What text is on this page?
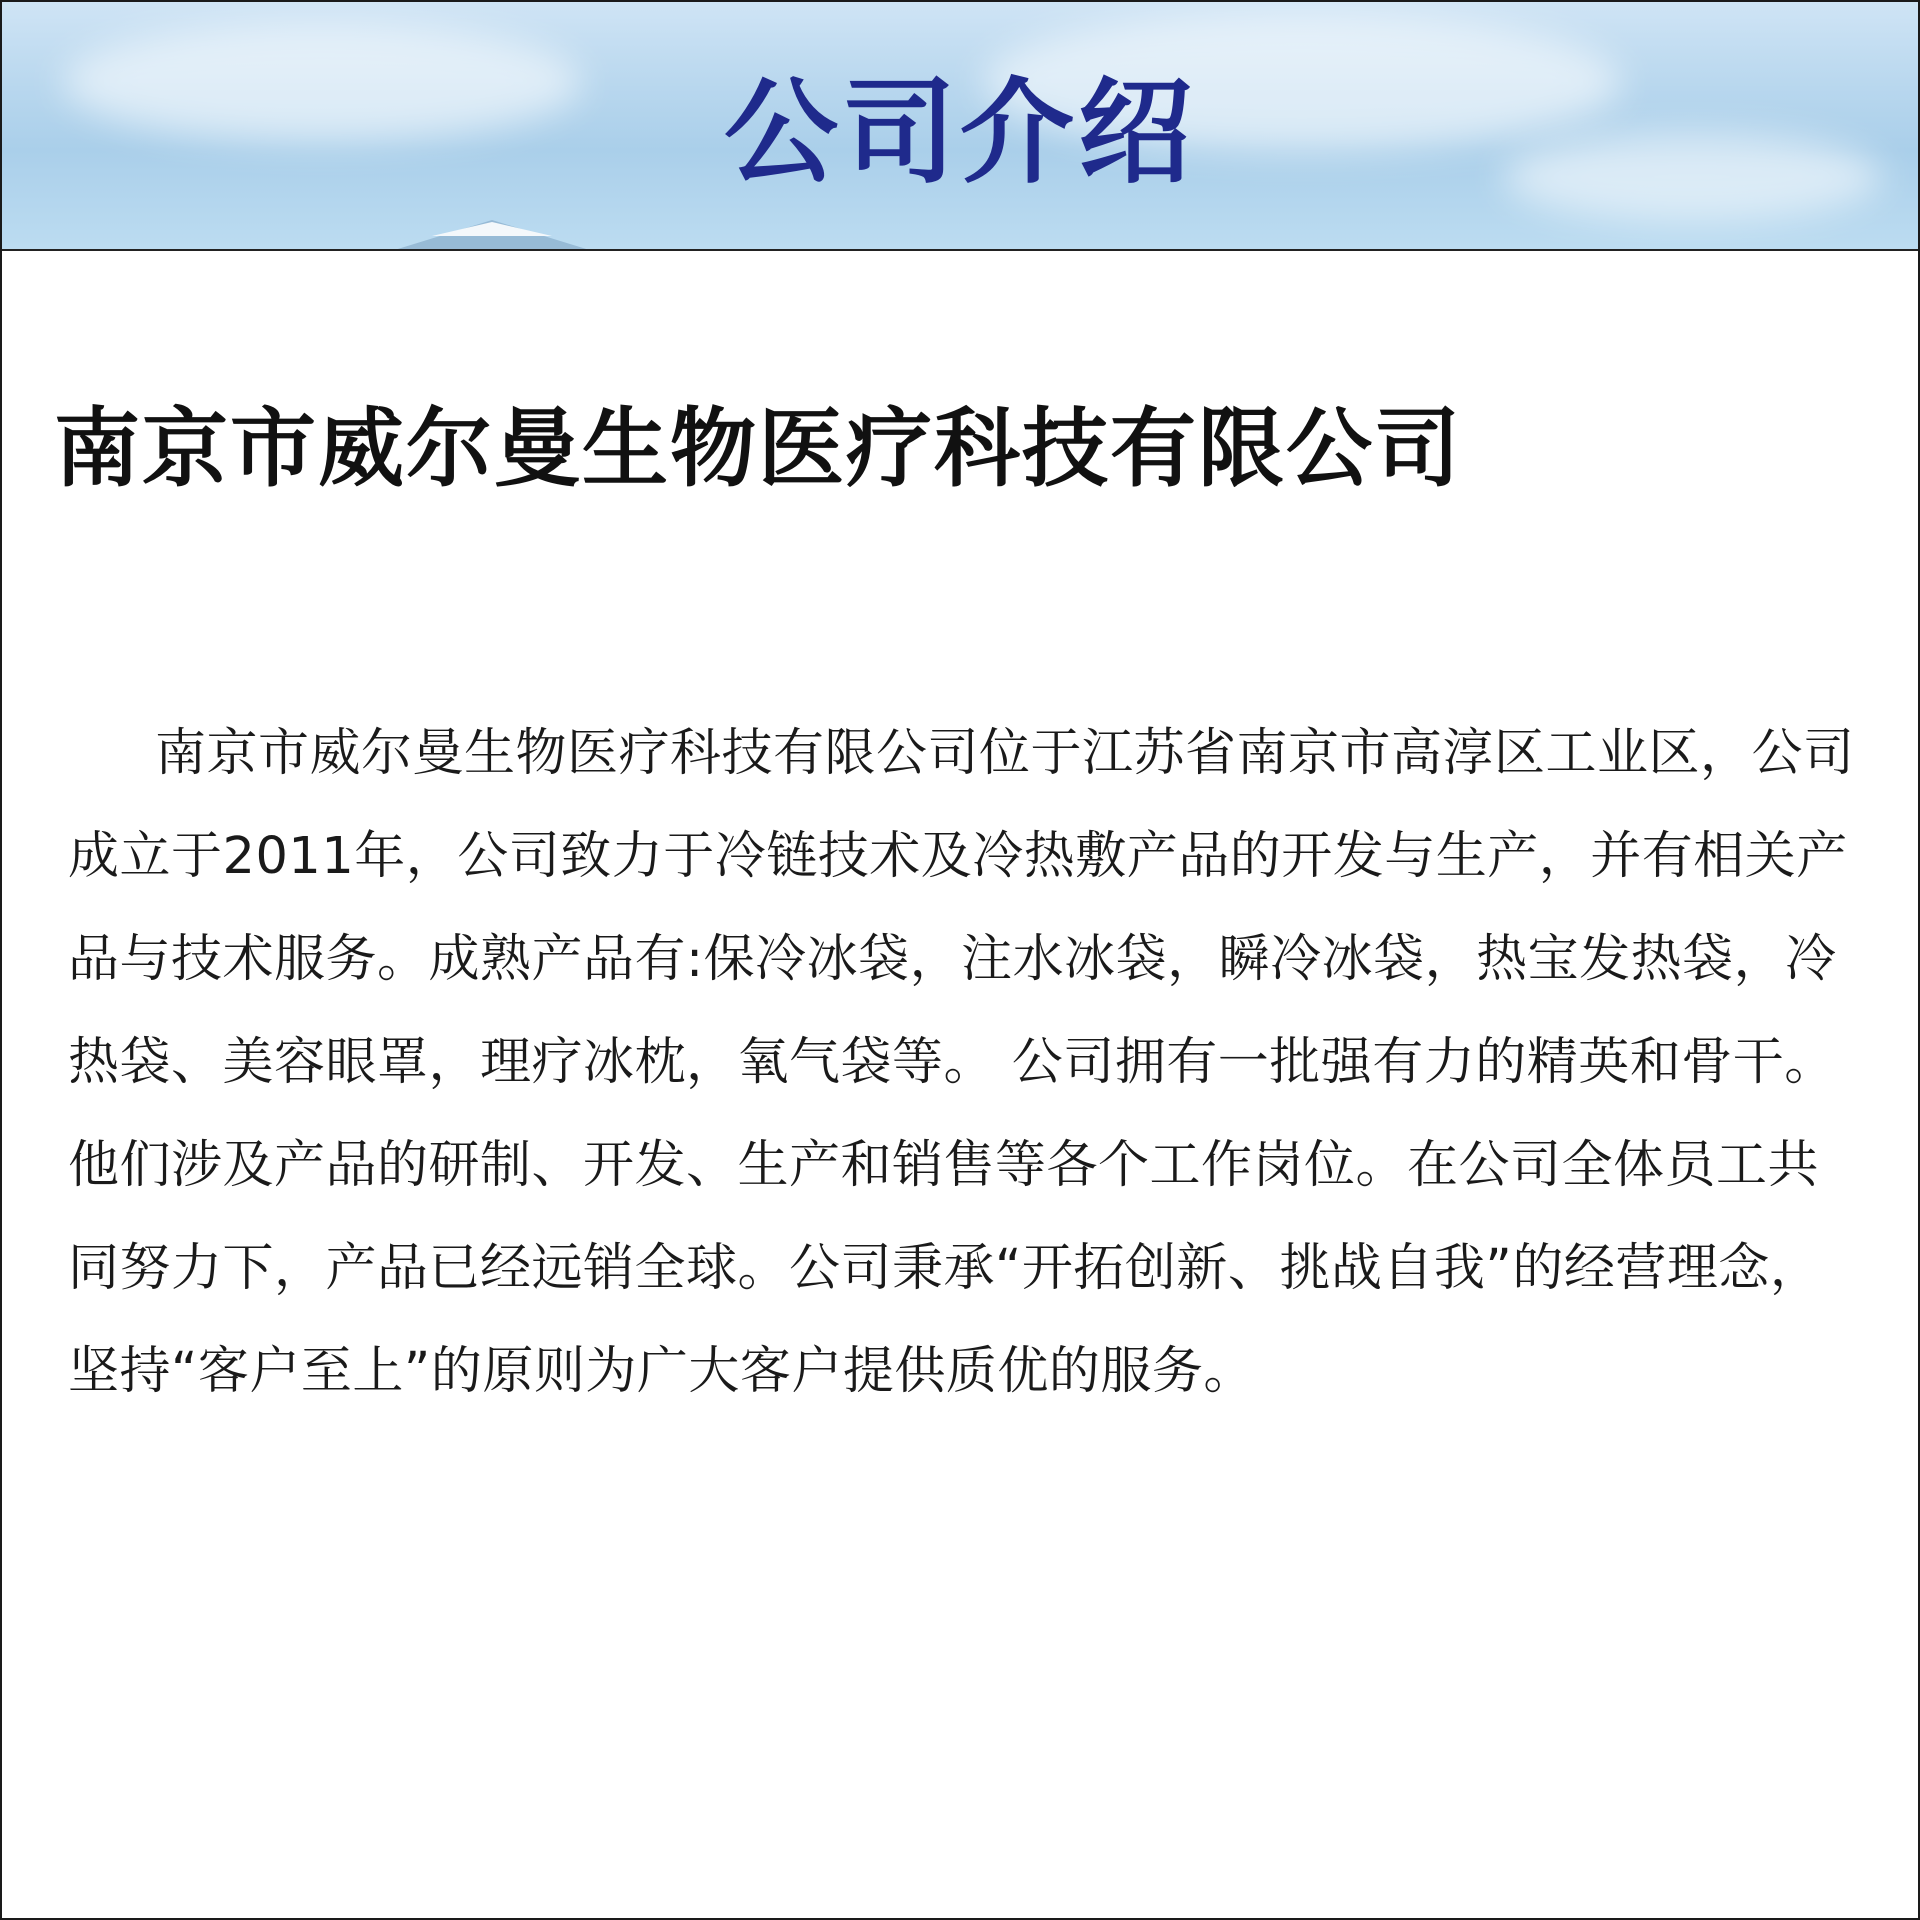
公司介绍
南京市威尔曼生物医疗科技有限公司

南京市威尔曼生物医疗科技有限公司位于江苏省南京市高淳区工业区，公司成立于2011年，公司致力于冷链技术及冷热敷产品的开发与生产，并有相关产品与技术服务。成熟产品有:保冷冰袋，注水冰袋，瞬冷冰袋，热宝发热袋，冷热袋、美容眼罩，理疗冰枕，氧气袋等。 公司拥有一批强有力的精英和骨干。他们涉及产品的研制、开发、生产和销售等各个工作岗位。在公司全体员工共同努力下，产品已经远销全球。公司秉承“开拓创新、挑战自我”的经营理念，坚持“客户至上”的原则为广大客户提供质优的服务。
